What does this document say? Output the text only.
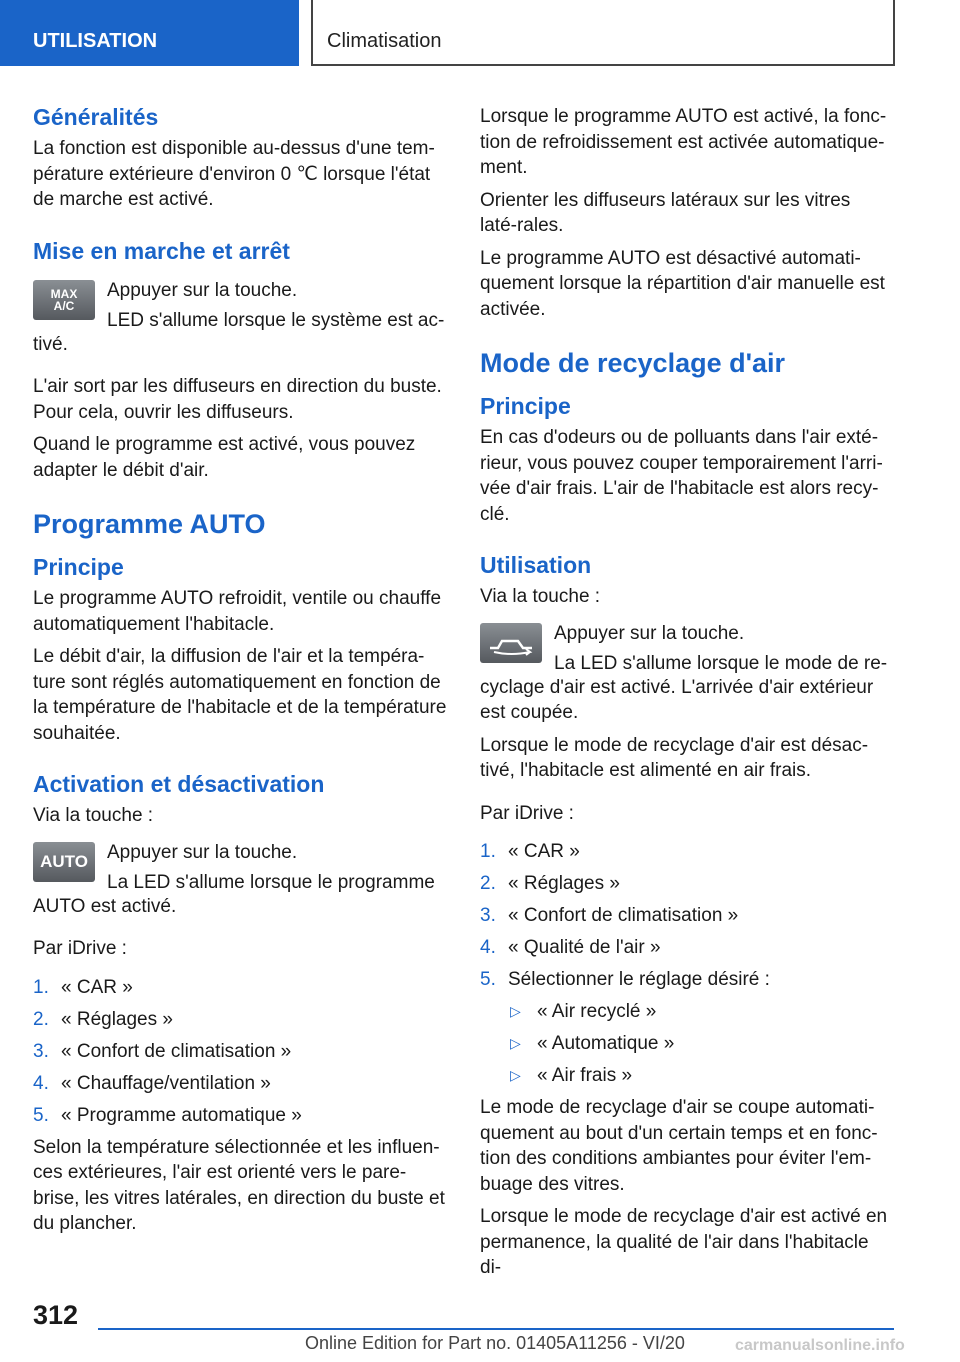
UTILISATION	Climatisation
Généralités

La fonction est disponible au-dessus d'une tem-pérature extérieure d'environ 0 ℃ lorsque l'état de marche est activé.

Mise en marche et arrêt
MAX A/C

Appuyer sur la touche.

LED s'allume lorsque le système est ac-

tivé.

L'air sort par les diffuseurs en direction du buste. Pour cela, ouvrir les diffuseurs.

Quand le programme est activé, vous pouvez adapter le débit d'air.

Programme AUTO
Principe

Le programme AUTO refroidit, ventile ou chauffe automatiquement l'habitacle.

Le débit d'air, la diffusion de l'air et la tempéra-ture sont réglés automatiquement en fonction de la température de l'habitacle et de la température souhaitée.

Activation et désactivation

Via la touche :

AUTO	Appuyer sur la touche.

La LED s'allume lorsque le programme

AUTO est activé.

Par iDrive :

1. « CAR »
2. « Réglages »
3. « Confort de climatisation »
4. « Chauffage/ventilation »
5. « Programme automatique »

Selon la température sélectionnée et les influen-ces extérieures, l'air est orienté vers le pare-brise, les vitres latérales, en direction du buste et du plancher.

Lorsque le programme AUTO est activé, la fonc-tion de refroidissement est activée automatique-ment.

Orienter les diffuseurs latéraux sur les vitres laté-rales.

Le programme AUTO est désactivé automati-quement lorsque la répartition d'air manuelle est activée.

Mode de recyclage d'air
Principe

En cas d'odeurs ou de polluants dans l'air exté-rieur, vous pouvez couper temporairement l'arri-vée d'air frais. L'air de l'habitacle est alors recy-clé.

Utilisation

Via la touche :

Appuyer sur la touche.

La LED s'allume lorsque le mode de re-

cyclage d'air est activé. L'arrivée d'air extérieur est coupée.

Lorsque le mode de recyclage d'air est désac-tivé, l'habitacle est alimenté en air frais.

Par iDrive :

1. « CAR »
2. « Réglages »
3. « Confort de climatisation »
4. « Qualité de l'air »
5. Sélectionner le réglage désiré :
▷ « Air recyclé »
▷ « Automatique »
▷ « Air frais »

Le mode de recyclage d'air se coupe automati-quement au bout d'un certain temps et en fonc-tion des conditions ambiantes pour éviter l'em-buage des vitres.

Lorsque le mode de recyclage d'air est activé en permanence, la qualité de l'air dans l'habitacle di-

312
Online Edition for Part no. 01405A11256 - VI/20	carmanualsonline.info
